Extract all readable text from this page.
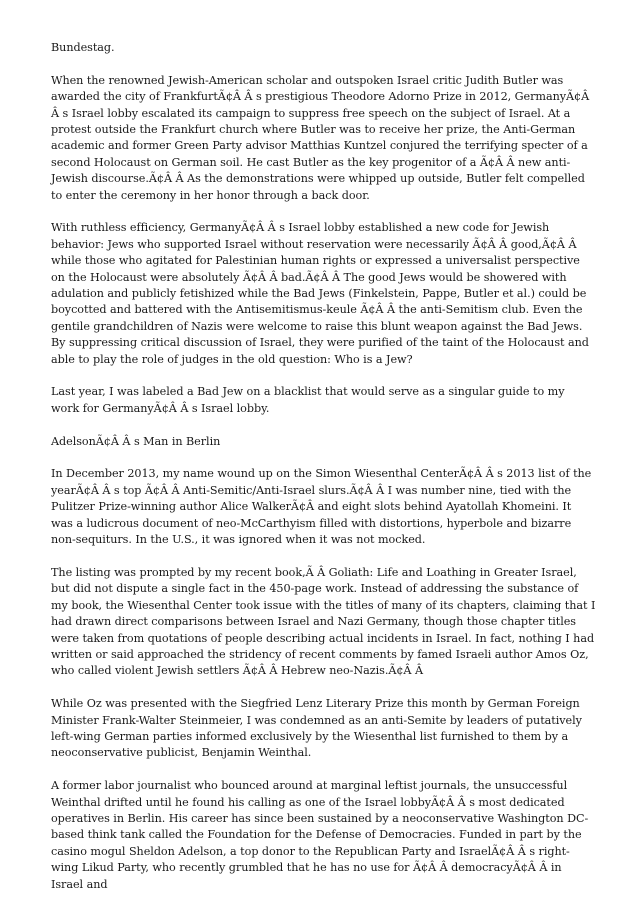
Bundestag.

When the renowned Jewish-American scholar and outspoken Israel critic Judith Butler was awarded the city of FrankfurtÃ¢Â Â s prestigious Theodore Adorno Prize in 2012, GermanyÃ¢Â Â s Israel lobby escalated its campaign to suppress free speech on the subject of Israel. At a protest outside the Frankfurt church where Butler was to receive her prize, the Anti-German academic and former Green Party advisor Matthias Kuntzel conjured the terrifying specter of a second Holocaust on German soil. He cast Butler as the key progenitor of a Ã¢Â Â new anti-Jewish discourse.Ã¢Â Â As the demonstrations were whipped up outside, Butler felt compelled to enter the ceremony in her honor through a back door.

With ruthless efficiency, GermanyÃ¢Â Â s Israel lobby established a new code for Jewish behavior: Jews who supported Israel without reservation were necessarily Ã¢Â Â good,Ã¢Â Â while those who agitated for Palestinian human rights or expressed a universalist perspective on the Holocaust were absolutely Ã¢Â Â bad.Ã¢Â Â The good Jews would be showered with adulation and publicly fetishized while the Bad Jews (Finkelstein, Pappe, Butler et al.) could be boycotted and battered with the Antisemitismus-keule Ã¢Â Â the anti-Semitism club. Even the gentile grandchildren of Nazis were welcome to raise this blunt weapon against the Bad Jews. By suppressing critical discussion of Israel, they were purified of the taint of the Holocaust and able to play the role of judges in the old question: Who is a Jew?

Last year, I was labeled a Bad Jew on a blacklist that would serve as a singular guide to my work for GermanyÃ¢Â Â s Israel lobby.

AdelsonÃ¢Â Â s Man in Berlin

In December 2013, my name wound up on the Simon Wiesenthal CenterÃ¢Â Â s 2013 list of the yearÃ¢Â Â s top Ã¢Â Â Anti-Semitic/Anti-Israel slurs.Ã¢Â Â I was number nine, tied with the Pulitzer Prize-winning author Alice WalkerÃ¢Â and eight slots behind Ayatollah Khomeini. It was a ludicrous document of neo-McCarthyism filled with distortions, hyperbole and bizarre non-sequiturs. In the U.S., it was ignored when it was not mocked.

The listing was prompted by my recent book,Ã Â Goliath: Life and Loathing in Greater Israel, but did not dispute a single fact in the 450-page work. Instead of addressing the substance of my book, the Wiesenthal Center took issue with the titles of many of its chapters, claiming that I had drawn direct comparisons between Israel and Nazi Germany, though those chapter titles were taken from quotations of people describing actual incidents in Israel. In fact, nothing I had written or said approached the stridency of recent comments by famed Israeli author Amos Oz, who called violent Jewish settlers Ã¢Â Â Hebrew neo-Nazis.Ã¢Â Â

While Oz was presented with the Siegfried Lenz Literary Prize this month by German Foreign Minister Frank-Walter Steinmeier, I was condemned as an anti-Semite by leaders of putatively left-wing German parties informed exclusively by the Wiesenthal list furnished to them by a neoconservative publicist, Benjamin Weinthal.

A former labor journalist who bounced around at marginal leftist journals, the unsuccessful Weinthal drifted until he found his calling as one of the Israel lobbyÃ¢Â Â s most dedicated operatives in Berlin. His career has since been sustained by a neoconservative Washington DC-based think tank called the Foundation for the Defense of Democracies. Funded in part by the casino mogul Sheldon Adelson, a top donor to the Republican Party and IsraelÃ¢Â Â s right-wing Likud Party, who recently grumbled that he has no use for Ã¢Â Â democracyÃ¢Â Â in Israel and
